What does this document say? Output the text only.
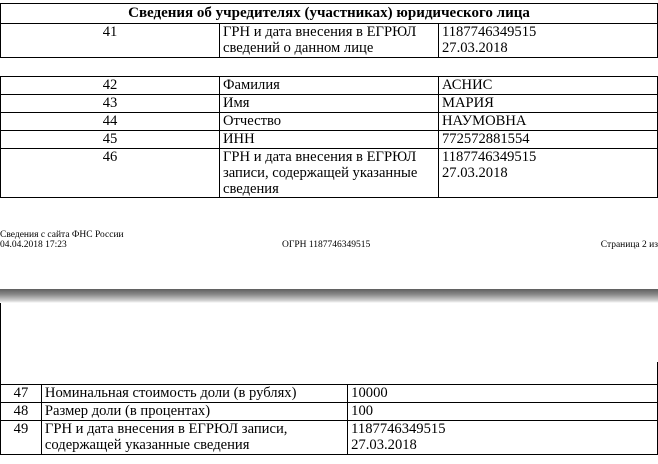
Сведения об учредителях (участниках) юридического лица		
41	ГРН и дата внесения в ЕГРЮЛ сведений о данном лице	1187746349515
27.03.2018

42	Фамилия	АСНИС
43	Имя	МАРИЯ
44	Отчество	НАУМОВНА
45	ИНН	772572881554
46	ГРН и дата внесения в ЕГРЮЛ записи, содержащей указанные сведения	1187746349515
27.03.2018
Сведения с сайта ФНС России
04.04.2018 17:23	ОГРН 1187746349515	Страница 2 из

47	Номинальная стоимость доли (в рублях)	10000
48	Размер доли (в процентах)	100
49	ГРН и дата внесения в ЕГРЮЛ записи, содержащей указанные сведения	1187746349515
27.03.2018
